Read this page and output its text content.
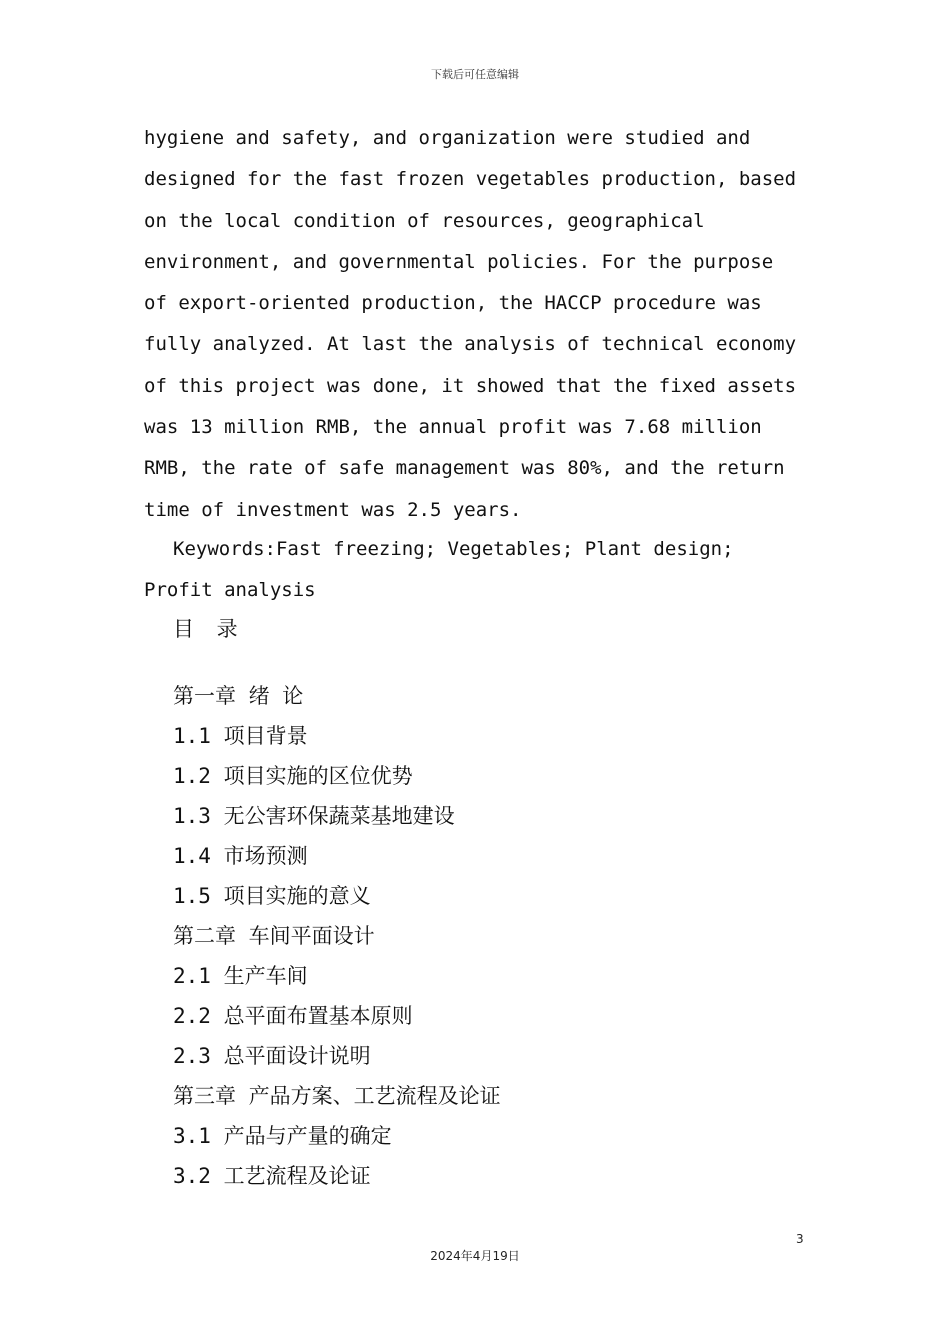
下载后可任意编辑
hygiene and safety, and organization were studied and
designed for the fast frozen vegetables production, based
on the local condition of resources, geographical
environment, and governmental policies. For the purpose
of export-oriented production, the HACCP procedure was
fully analyzed. At last the analysis of technical economy
of this project was done, it showed that the fixed assets
was 13 million RMB, the annual profit was 7.68 million
RMB, the rate of safe management was 80%, and the return
time of investment was 2.5 years.
Keywords:Fast freezing; Vegetables; Plant design;
Profit analysis
目 录
第一章 绪 论
1.1 项目背景
1.2 项目实施的区位优势
1.3 无公害环保蔬菜基地建设
1.4 市场预测
1.5 项目实施的意义
第二章 车间平面设计
2.1 生产车间
2.2 总平面布置基本原则
2.3 总平面设计说明
第三章 产品方案、工艺流程及论证
3.1 产品与产量的确定
3.2 工艺流程及论证
3
2024年4月19日
